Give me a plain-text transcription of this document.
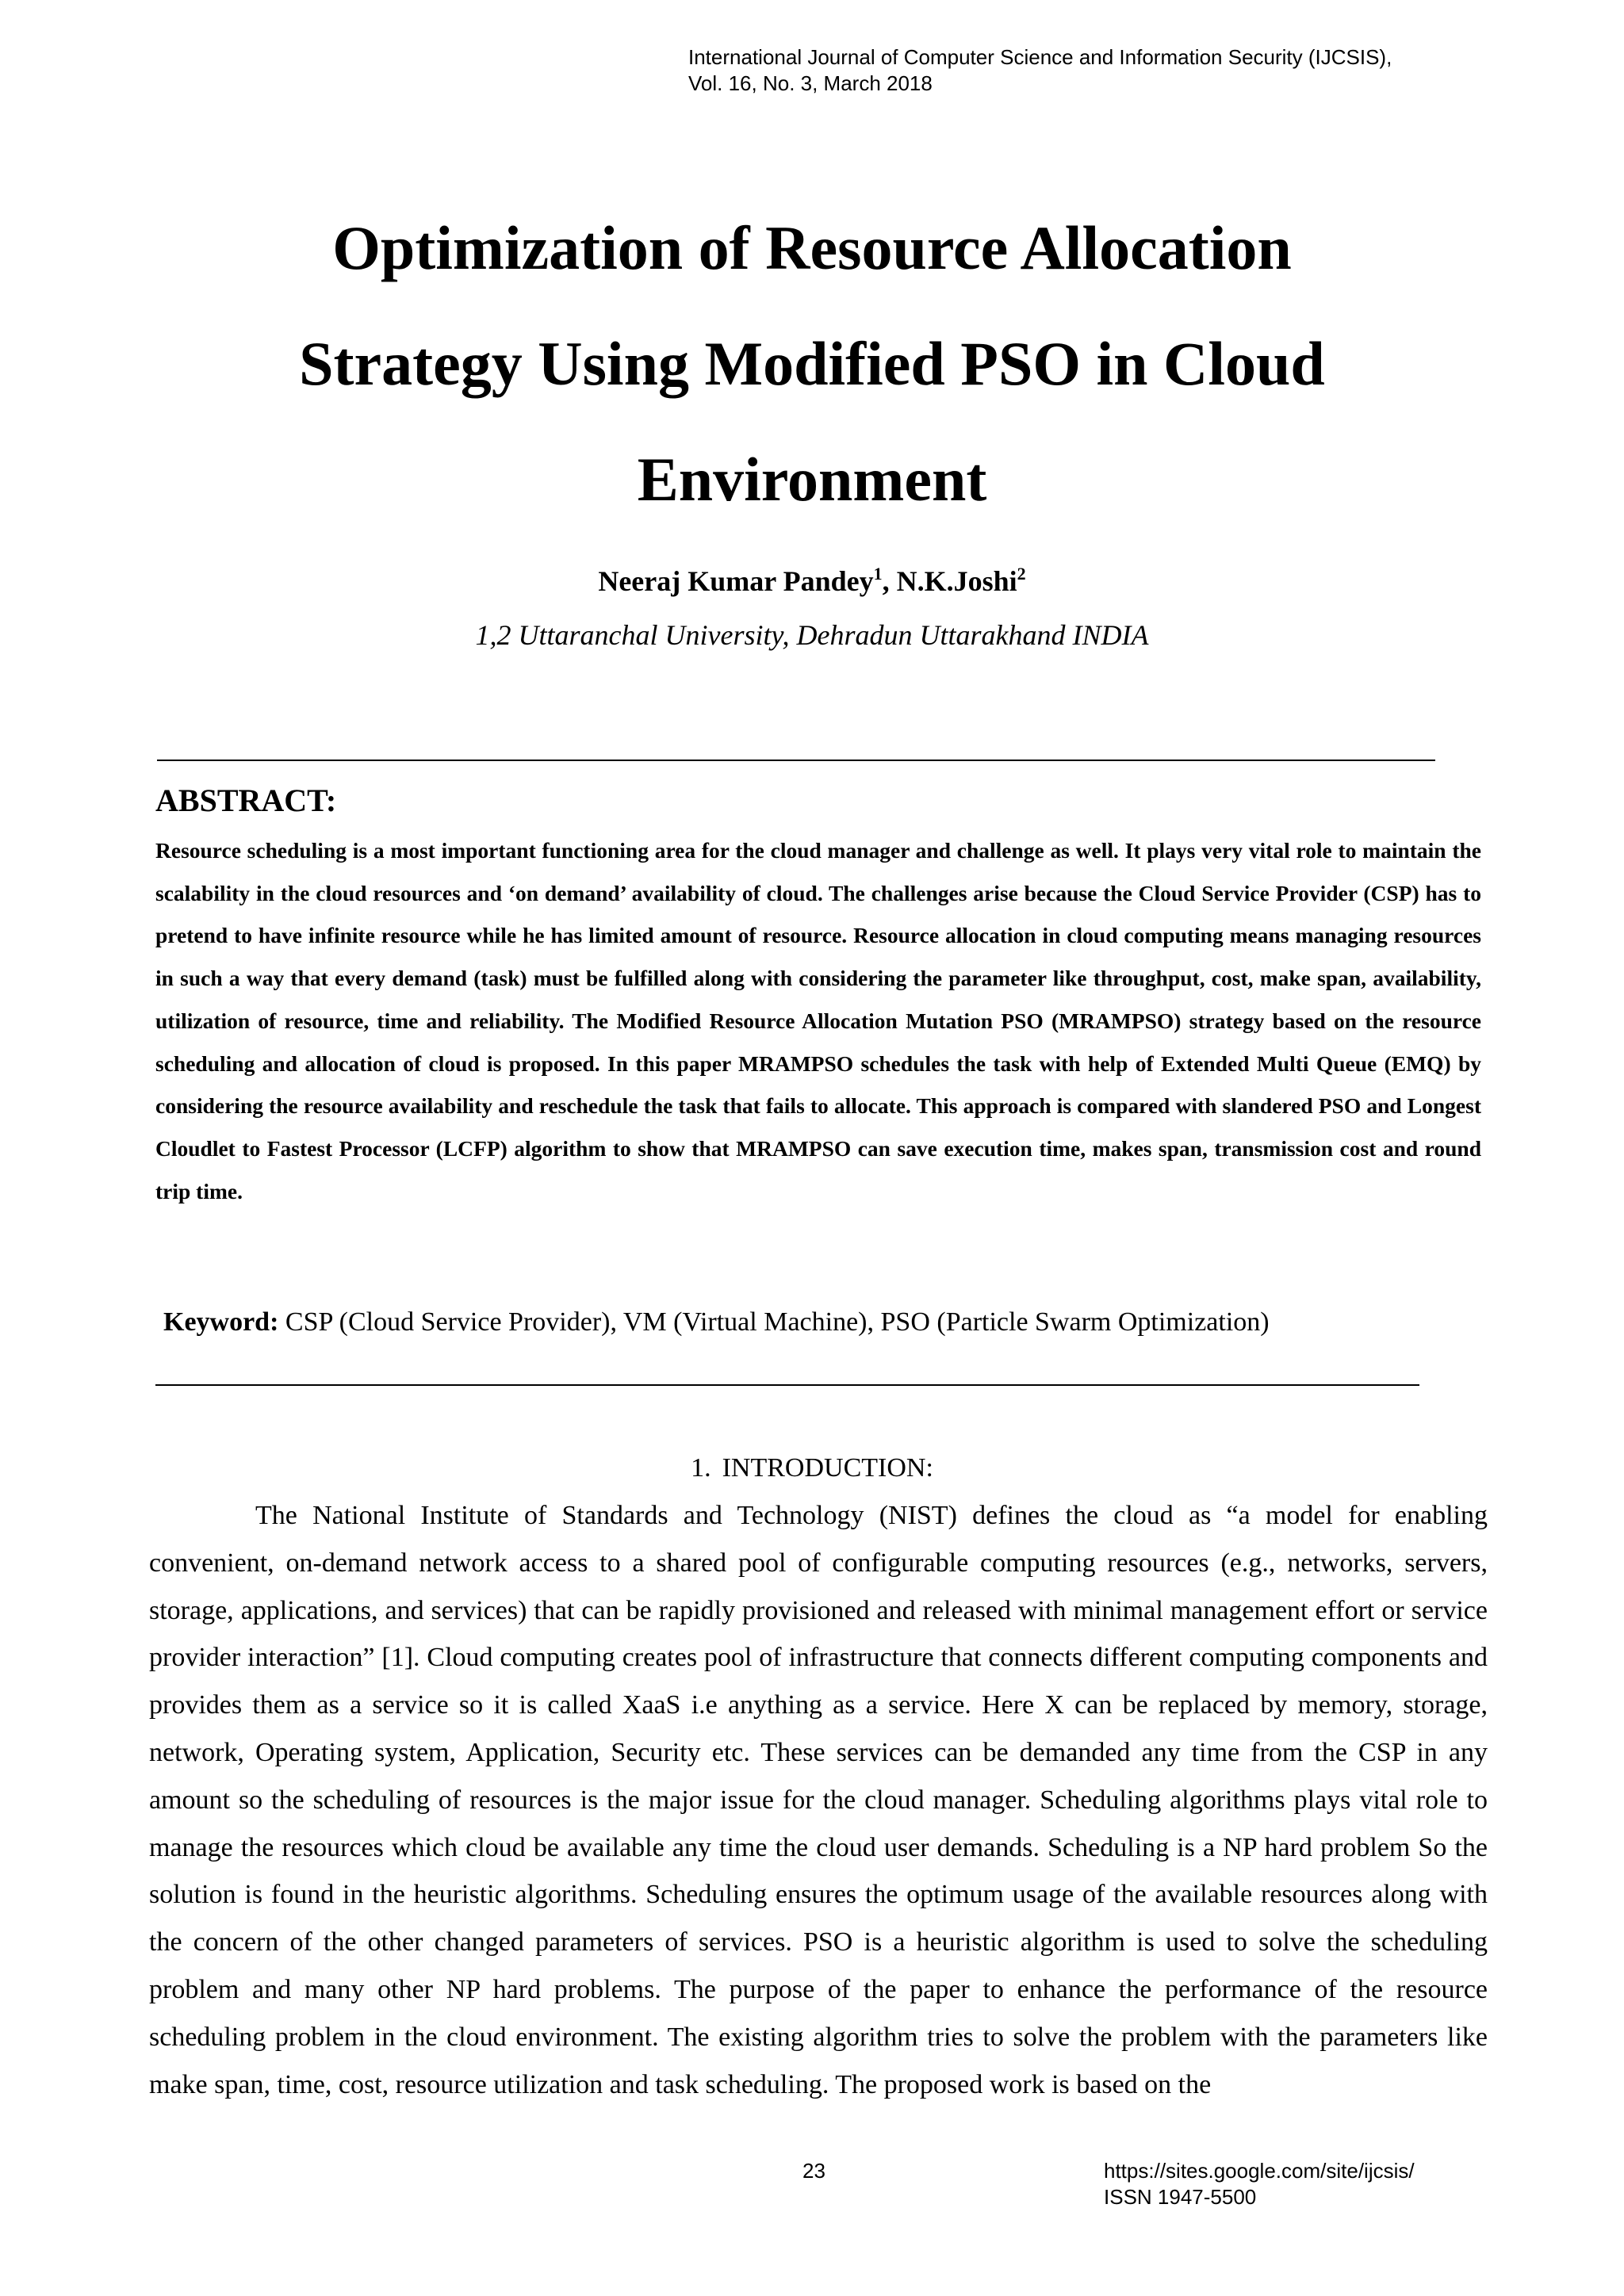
International Journal of Computer Science and Information Security (IJCSIS),
Vol. 16, No. 3, March 2018
Optimization of Resource Allocation
Strategy Using Modified PSO in Cloud
Environment
Neeraj Kumar Pandey$^1$, N.K.Joshi$^2$
1,2 Uttaranchal University, Dehradun Uttarakhand INDIA
ABSTRACT:
Resource scheduling is a most important functioning area for the cloud manager and challenge as well. It plays very vital role to maintain the scalability in the cloud resources and ‘on demand’ availability of cloud. The challenges arise because the Cloud Service Provider (CSP) has to pretend to have infinite resource while he has limited amount of resource. Resource allocation in cloud computing means managing resources in such a way that every demand (task) must be fulfilled along with considering the parameter like throughput, cost, make span, availability, utilization of resource, time and reliability. The Modified Resource Allocation Mutation PSO (MRAMPSO) strategy based on the resource scheduling and allocation of cloud is proposed. In this paper MRAMPSO schedules the task with help of Extended Multi Queue (EMQ) by considering the resource availability and reschedule the task that fails to allocate. This approach is compared with slandered PSO and Longest Cloudlet to Fastest Processor (LCFP) algorithm to show that MRAMPSO can save execution time, makes span, transmission cost and round trip time.
Keyword: CSP (Cloud Service Provider), VM (Virtual Machine), PSO (Particle Swarm Optimization)
1. INTRODUCTION:
The National Institute of Standards and Technology (NIST) defines the cloud as “a model for enabling convenient, on-demand network access to a shared pool of configurable computing resources (e.g., networks, servers, storage, applications, and services) that can be rapidly provisioned and released with minimal management effort or service provider interaction” [1]. Cloud computing creates pool of infrastructure that connects different computing components and provides them as a service so it is called XaaS i.e anything as a service. Here X can be replaced by memory, storage, network, Operating system, Application, Security etc. These services can be demanded any time from the CSP in any amount so the scheduling of resources is the major issue for the cloud manager. Scheduling algorithms plays vital role to manage the resources which cloud be available any time the cloud user demands. Scheduling is a NP hard problem So the solution is found in the heuristic algorithms. Scheduling ensures the optimum usage of the available resources along with the concern of the other changed parameters of services. PSO is a heuristic algorithm is used to solve the scheduling problem and many other NP hard problems. The purpose of the paper to enhance the performance of the resource scheduling problem in the cloud environment. The existing algorithm tries to solve the problem with the parameters like make span, time, cost, resource utilization and task scheduling. The proposed work is based on the
23	https://sites.google.com/site/ijcsis/
ISSN 1947-5500
